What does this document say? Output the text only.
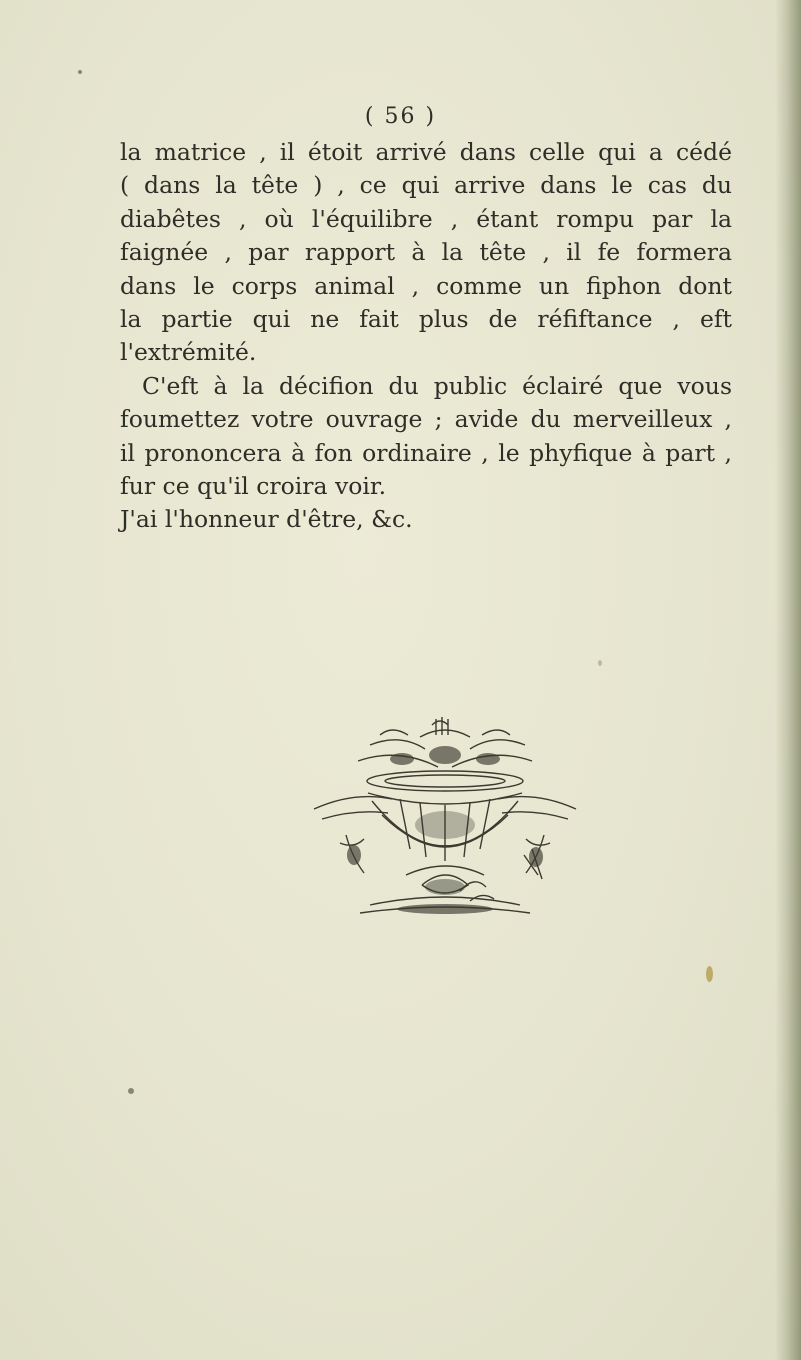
( 56 )
la matrice , il étoit arrivé dans celle qui a cédé
( dans la tête ) , ce qui arrive dans le cas du
diabêtes , où l'équilibre , étant rompu par la
faignée , par rapport à la tête , il fe formera
dans le corps animal , comme un fiphon dont
la partie qui ne fait plus de réfiftance , eft
l'extrémité.
C'eft à la décifion du public éclairé que vous
foumettez votre ouvrage ; avide du merveilleux ,
il prononcera à fon ordinaire , le phyfique à part ,
fur ce qu'il croira voir.
J'ai l'honneur d'être, &c.
